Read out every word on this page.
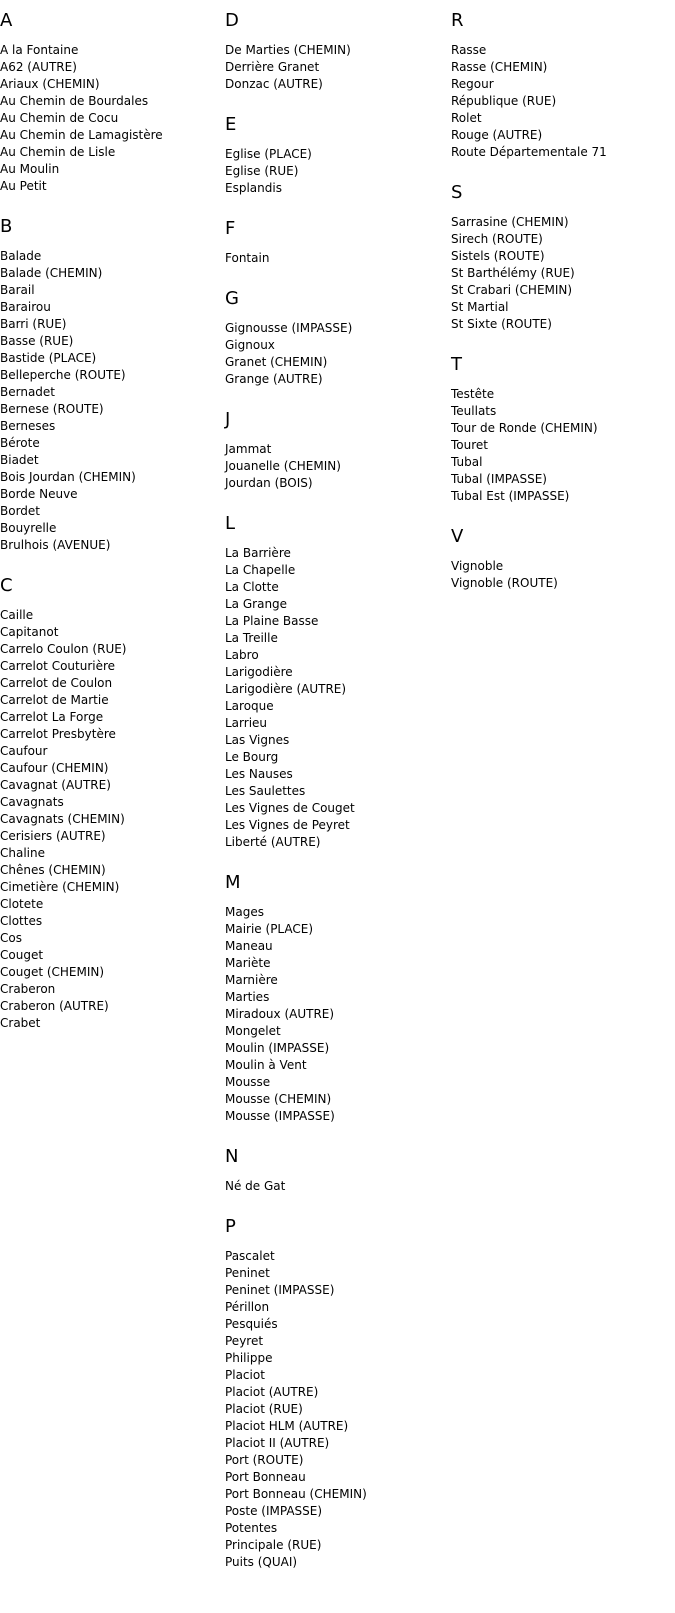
A
A la Fontaine
A62 (AUTRE)
Ariaux (CHEMIN)
Au Chemin de Bourdales
Au Chemin de Cocu
Au Chemin de Lamagistère
Au Chemin de Lisle
Au Moulin
Au Petit
B
Balade
Balade (CHEMIN)
Barail
Barairou
Barri (RUE)
Basse (RUE)
Bastide (PLACE)
Belleperche (ROUTE)
Bernadet
Bernese (ROUTE)
Berneses
Bérote
Biadet
Bois Jourdan (CHEMIN)
Borde Neuve
Bordet
Bouyrelle
Brulhois (AVENUE)
C
Caille
Capitanot
Carrelo Coulon (RUE)
Carrelot Couturière
Carrelot de Coulon
Carrelot de Martie
Carrelot La Forge
Carrelot Presbytère
Caufour
Caufour (CHEMIN)
Cavagnat (AUTRE)
Cavagnats
Cavagnats (CHEMIN)
Cerisiers (AUTRE)
Chaline
Chênes (CHEMIN)
Cimetière (CHEMIN)
Clotete
Clottes
Cos
Couget
Couget (CHEMIN)
Craberon
Craberon (AUTRE)
Crabet
D
De Marties (CHEMIN)
Derrière Granet
Donzac (AUTRE)
E
Eglise (PLACE)
Eglise (RUE)
Esplandis
F
Fontain
G
Gignousse (IMPASSE)
Gignoux
Granet (CHEMIN)
Grange (AUTRE)
J
Jammat
Jouanelle (CHEMIN)
Jourdan (BOIS)
L
La Barrière
La Chapelle
La Clotte
La Grange
La Plaine Basse
La Treille
Labro
Larigodière
Larigodière (AUTRE)
Laroque
Larrieu
Las Vignes
Le Bourg
Les Nauses
Les Saulettes
Les Vignes de Couget
Les Vignes de Peyret
Liberté (AUTRE)
M
Mages
Mairie (PLACE)
Maneau
Mariète
Marnière
Marties
Miradoux (AUTRE)
Mongelet
Moulin (IMPASSE)
Moulin à Vent
Mousse
Mousse (CHEMIN)
Mousse (IMPASSE)
N
Né de Gat
P
Pascalet
Peninet
Peninet (IMPASSE)
Périllon
Pesquiés
Peyret
Philippe
Placiot
Placiot (AUTRE)
Placiot (RUE)
Placiot HLM (AUTRE)
Placiot II (AUTRE)
Port (ROUTE)
Port Bonneau
Port Bonneau (CHEMIN)
Poste (IMPASSE)
Potentes
Principale (RUE)
Puits (QUAI)
R
Rasse
Rasse (CHEMIN)
Regour
République (RUE)
Rolet
Rouge (AUTRE)
Route Départementale 71
S
Sarrasine (CHEMIN)
Sirech (ROUTE)
Sistels (ROUTE)
St Barthélémy (RUE)
St Crabari (CHEMIN)
St Martial
St Sixte (ROUTE)
T
Testête
Teullats
Tour de Ronde (CHEMIN)
Touret
Tubal
Tubal (IMPASSE)
Tubal Est (IMPASSE)
V
Vignoble
Vignoble (ROUTE)
